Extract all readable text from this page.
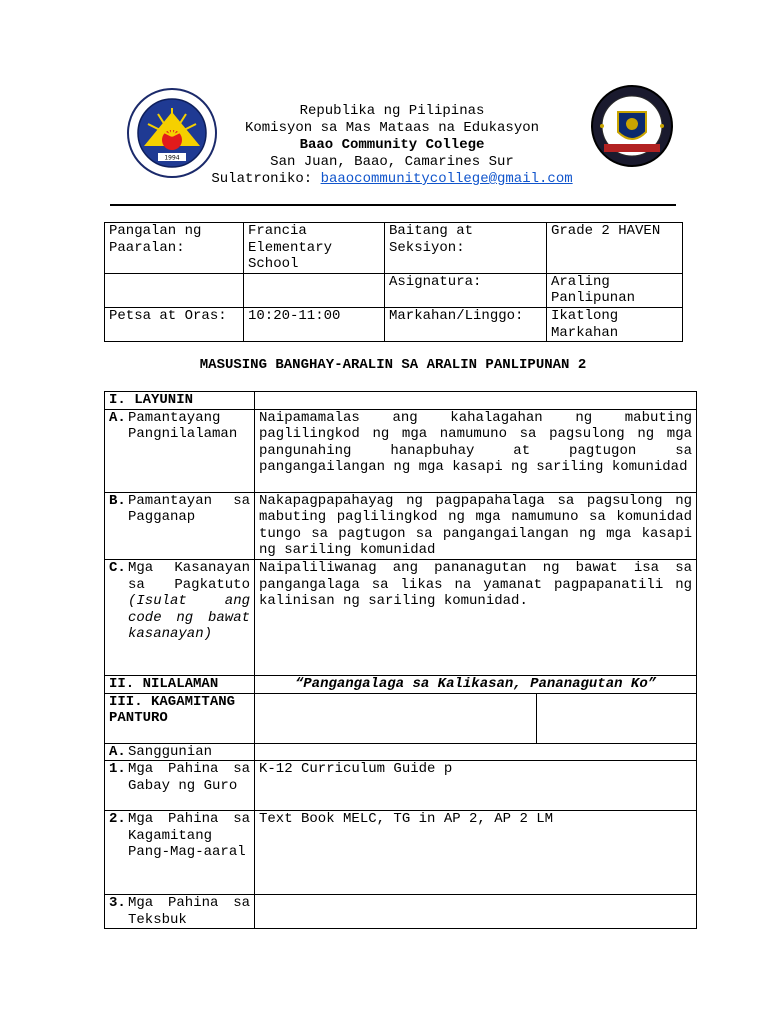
1994
Republika ng Pilipinas
Komisyon sa Mas Mataas na Edukasyon
Baao Community College
San Juan, Baao, Camarines Sur
Sulatroniko: baaocommunitycollege@gmail.com
Pangalan ng Paaralan:	Francia Elementary School	Baitang at Seksiyon:	Grade 2 HAVEN
		Asignatura:	Araling Panlipunan
Petsa at Oras:	10:20-11:00	Markahan/Linggo:	Ikatlong Markahan
MASUSING BANGHAY-ARALIN SA ARALIN PANLIPUNAN 2
I. LAYUNIN		

A. Pamantayang Pangnilalaman	Naipamamalas ang kahalagahan ng mabuting paglilingkod ng mga namumuno sa pagsulong ng mga pangunahing hanapbuhay at pagtugon sa pangangailangan ng mga kasapi ng sariling komunidad	

B. Pamantayan sa Pagganap	Nakapagpapahayag ng pagpapahalaga sa pagsulong ng mabuting paglilingkod ng mga namumuno sa komunidad tungo sa pagtugon sa pangangailangan ng mga kasapi ng sariling komunidad	

C. Mga Kasanayan sa Pagkatuto (Isulat ang code ng bawat kasanayan)	Naipaliliwanag ang pananagutan ng bawat isa sa pangangalaga sa likas na yamanat pagpapanatili ng kalinisan ng sariling komunidad.	
II. NILALAMAN	“Pangangalaga sa Kalikasan, Pananagutan Ko”	
III. KAGAMITANG PANTURO		

A. Sanggunian		

1. Mga Pahina sa Gabay ng Guro	K-12 Curriculum Guide p	

2. Mga Pahina sa Kagamitang Pang-Mag-aaral	Text Book MELC, TG in AP 2, AP 2 LM	

3. Mga Pahina sa Teksbuk		
